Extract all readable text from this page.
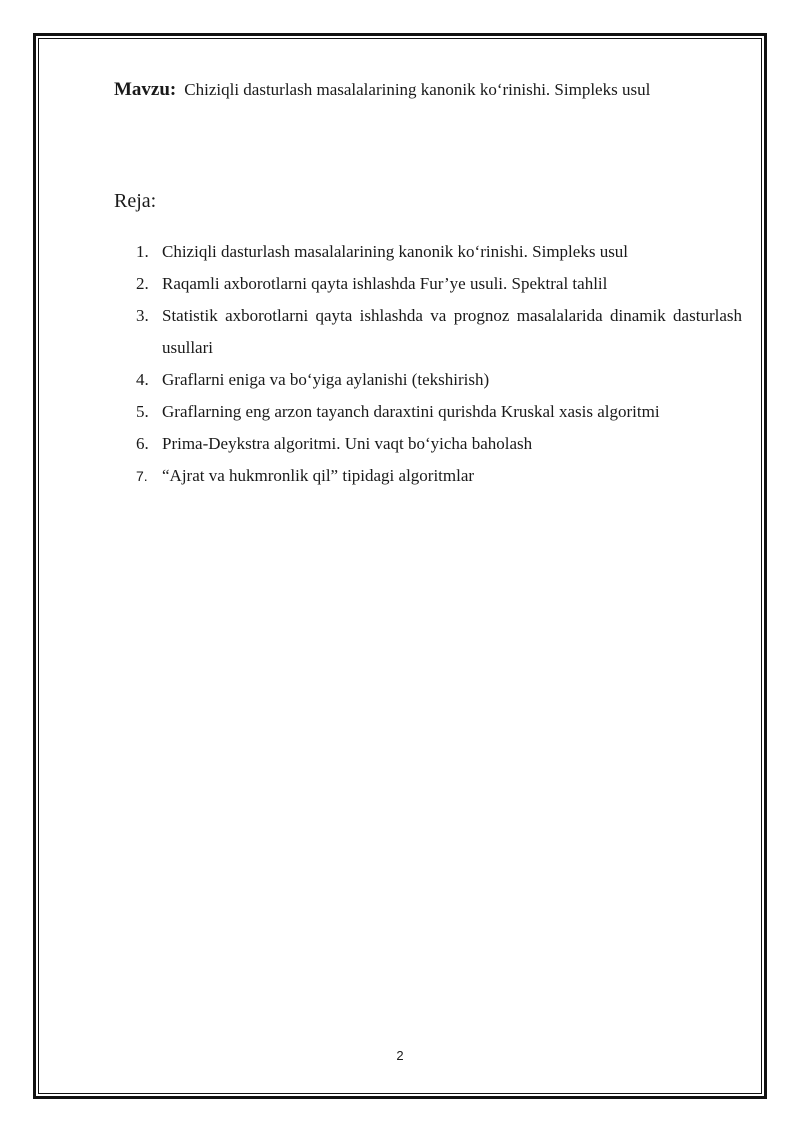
Mavzu: Chiziqli dasturlash masalalarining kanonik koʻrinishi. Simpleks usul
Reja:
1. Chiziqli dasturlash masalalarining kanonik koʻrinishi. Simpleks usul
2. Raqamli axborotlarni qayta ishlashda Fur’ye usuli. Spektral tahlil
3. Statistik axborotlarni qayta ishlashda va prognoz masalalarida dinamik dasturlash usullari
4. Graflarni eniga va boʻyiga aylanishi (tekshirish)
5. Graflarning eng arzon tayanch daraxtini qurishda Kruskal xasis algoritmi
6. Prima-Deykstra algoritmi. Uni vaqt boʻyicha baholash
7. “Ajrat va hukmronlik qil” tipidagi algoritmlar
2
